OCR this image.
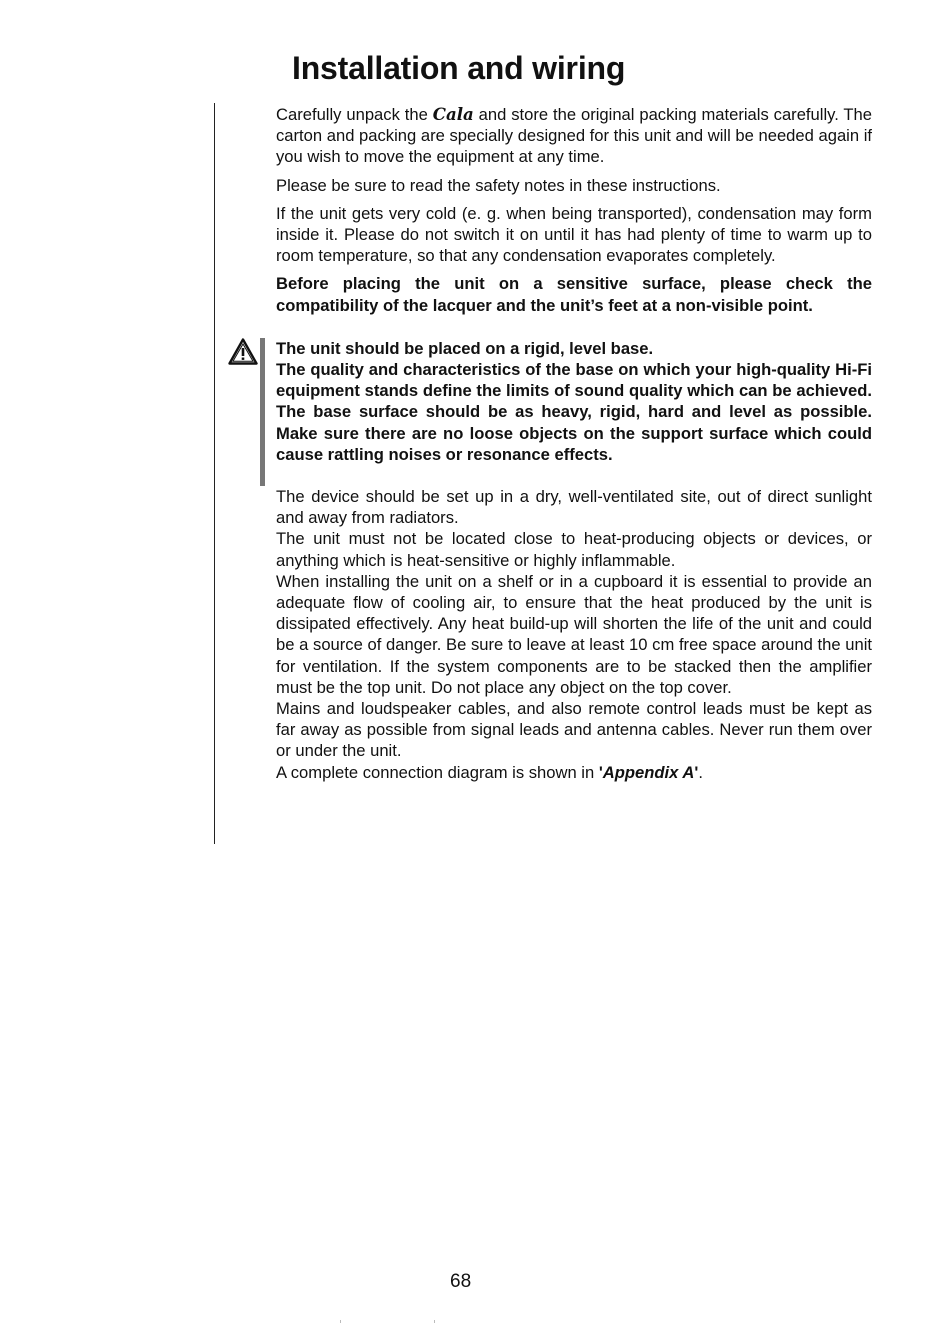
Installation and wiring

Carefully unpack the Cala and store the original packing materials carefully. The carton and packing are specially designed for this unit and will be needed again if you wish to move the equipment at any time.

Please be sure to read the safety notes in these instructions.

If the unit gets very cold (e. g. when being transported), condensation may form inside it. Please do not switch it on until it has had plenty of time to warm up to room temperature, so that any condensation evaporates completely.

Before placing the unit on a sensitive surface, please check the compatibility of the lacquer and the unit’s feet at a non-visible point.

The unit should be placed on a rigid, level base.

The quality and characteristics of the base on which your high-quality Hi-Fi equipment stands define the limits of sound quality which can be achieved. The base surface should be as heavy, rigid, hard and level as possible. Make sure there are no loose objects on the support surface which could cause rattling noises or resonance effects.

The device should be set up in a dry, well-ventilated site, out of direct sunlight and away from radiators.

The unit must not be located close to heat-producing objects or devices, or anything which is heat-sensitive or highly inflammable.

When installing the unit on a shelf or in a cupboard it is essential to provide an adequate flow of cooling air, to ensure that the heat produced by the unit is dissipated effectively. Any heat build-up will shorten the life of the unit and could be a source of danger. Be sure to leave at least 10 cm free space around the unit for ventilation. If the system components are to be stacked then the amplifier must be the top unit. Do not place any object on the top cover.

Mains and loudspeaker cables, and also remote control leads must be kept as far away as possible from signal leads and antenna cables. Never run them over or under the unit.

A complete connection diagram is shown in 'Appendix A'.

68
